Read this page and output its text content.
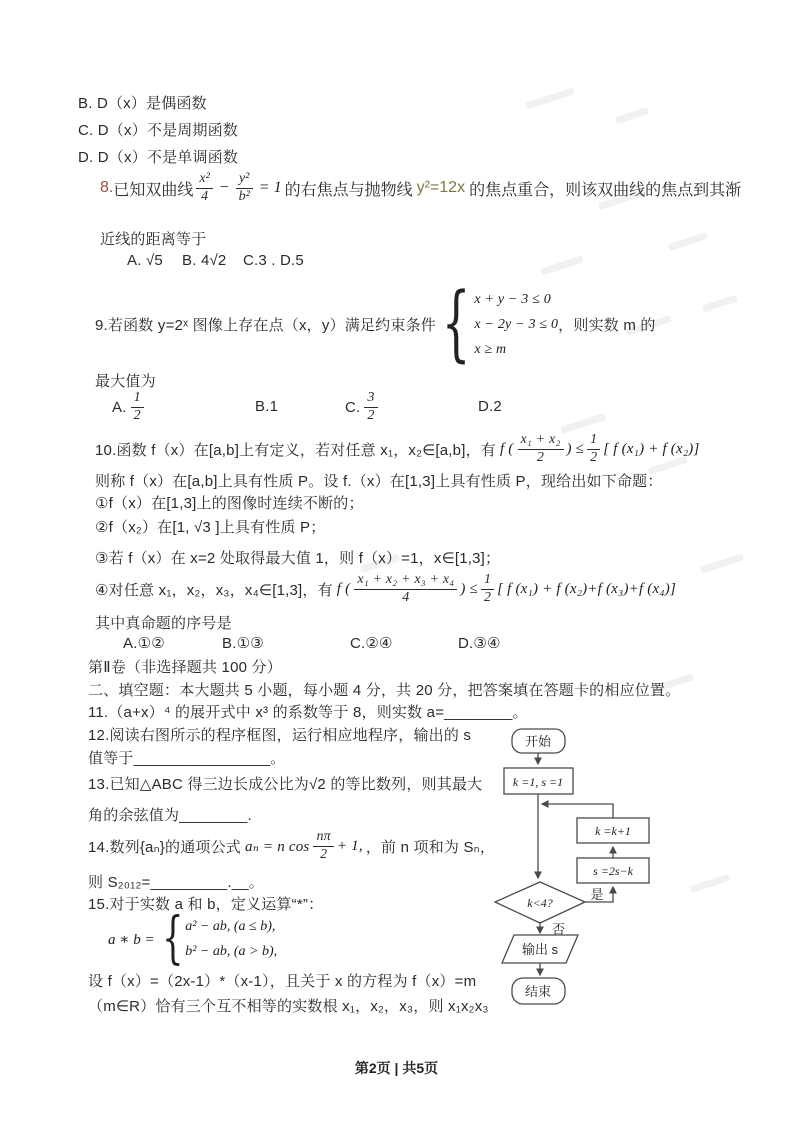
B. D（x）是偶函数
C. D（x）不是周期函数
D. D（x）不是单调函数
8. 已知双曲线 $\frac{\text{x²}}{4} - \frac{\text{y²}}{\text{b²}} = 1$ 的右焦点与抛物线 y²=12x 的焦点重合，则该双曲线的焦点到其渐
近线的距离等于
A. √5 B. 4√2 C.3 . D.5
9.若函数 y=2ˣ 图像上存在点（x，y）满足约束条件 { x + y − 3 ≤ 0
x − 2y − 3 ≤ 0
x ≥ m
，则实数 m 的
最大值为
A. $\frac{1}{2}$	B.1	C. $\frac{3}{2}$	D.2
10.函数 f（x）在[a,b]上有定义，若对任意 x₁，x₂∈[a,b]，有 f ( $\frac{\text{x₁ + x₂}}{2}$ ) ≤ $\frac{1}{2}$ [ f (x₁) + f (x₂)]
则称 f（x）在[a,b]上具有性质 P。设 f.（x）在[1,3]上具有性质 P，现给出如下命题：
①f（x）在[1,3]上的图像时连续不断的；
②f（x₂）在[1, √3 ]上具有性质 P；
③若 f（x）在 x=2 处取得最大值 1，则 f（x）=1，x∈[1,3]；
④对任意 x₁，x₂，x₃，x₄∈[1,3]，有 f ( $\frac{\text{x₁ + x₂ + x₃ + x₄}}{4}$ ) ≤ $\frac{1}{2}$ [ f (x₁) + f (x₂)+f (x₃)+f (x₄)]
其中真命题的序号是
A.①②	B.①③	C.②④	D.③④
第Ⅱ卷（非选择题共 100 分）
二、填空题：本大题共 5 小题，每小题 4 分，共 20 分，把答案填在答题卡的相应位置。
11.（a+x）⁴ 的展开式中 x³ 的系数等于 8，则实数 a=________。
12.阅读右图所示的程序框图，运行相应地程序，输出的 s
值等于________________。
13.已知△ABC 得三边长成公比为√2 的等比数列，则其最大
角的余弦值为________.
14.数列{aₙ}的通项公式 aₙ = n $\cos \frac{n\pi}{2} + 1$, ，前 n 项和为 Sₙ，
则 S₂₀₁₂=_________.__。
15.对于实数 a 和 b，定义运算“*”：
a ∗ b = { a² − ab, (a ≤ b),
b² − ab, (a > b),
设 f（x）=（2x-1）*（x-1），且关于 x 的方程为 f（x）=m
（m∈R）恰有三个互不相等的实数根 x₁，x₂，x₃，则 x₁x₂x₃
开始
k =1, s =1
k =k+1
s =2s−k
k<4?
是
否
输出 s
结束
第2页 | 共5页
